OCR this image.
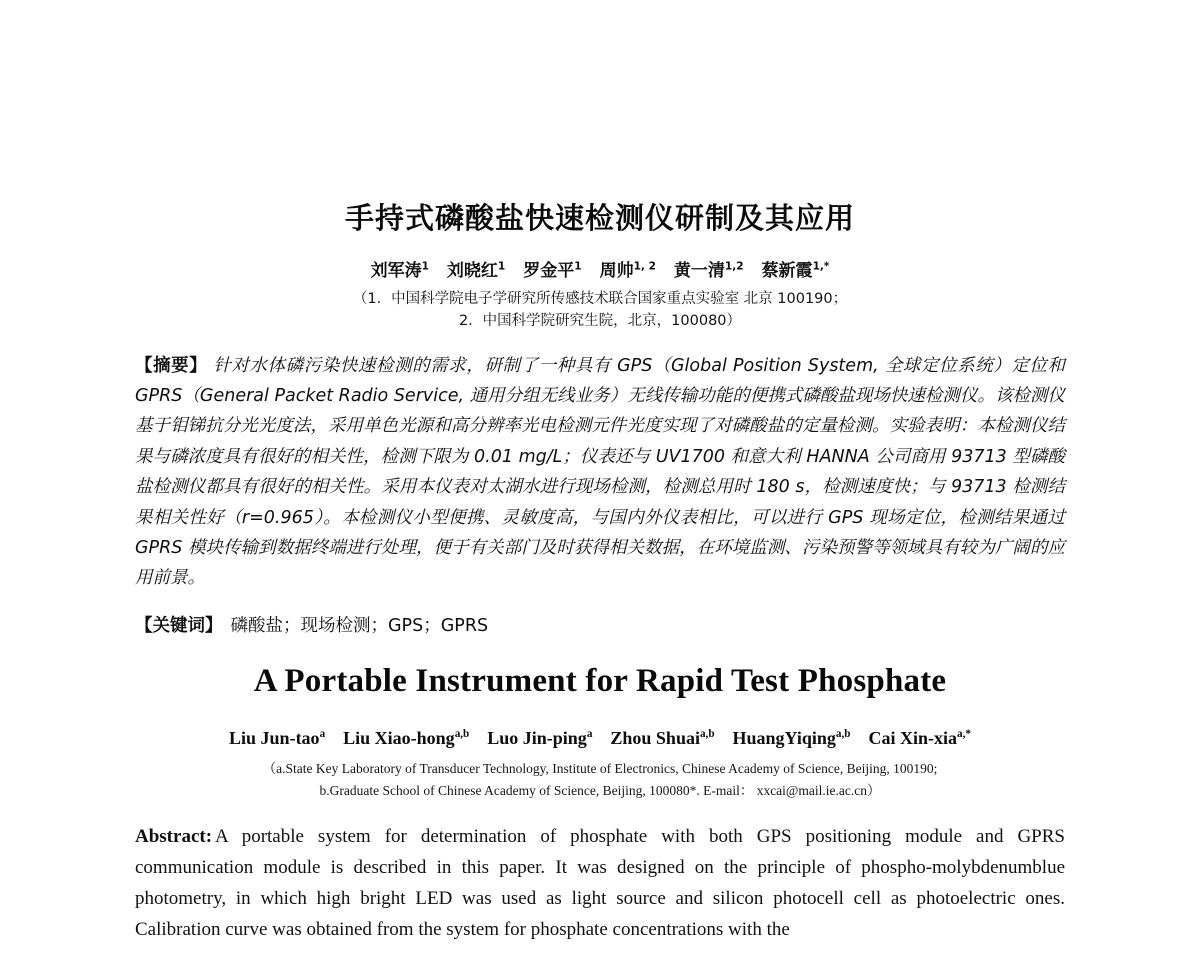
手持式磷酸盐快速检测仪研制及其应用
刘军涛$^1$ 刘晓红$^1$ 罗金平$^1$ 周帅$^{1, 2}$ 黄一清$^{1,2}$ 蔡新霞$^{1,*}$
（1．中国科学院电子学研究所传感技术联合国家重点实验室 北京 100190；
2．中国科学院研究生院，北京，100080）

【摘要】 针对水体磷污染快速检测的需求，研制了一种具有 GPS（Global Position System, 全球定位系统）定位和 GPRS（General Packet Radio Service, 通用分组无线业务）无线传输功能的便携式磷酸盐现场快速检测仪。该检测仪基于钼锑抗分光光度法，采用单色光源和高分辨率光电检测元件光度实现了对磷酸盐的定量检测。实验表明：本检测仪结果与磷浓度具有很好的相关性，检测下限为 0.01 mg/L；仪表还与 UV1700 和意大利 HANNA 公司商用 93713 型磷酸盐检测仪都具有很好的相关性。采用本仪表对太湖水进行现场检测，检测总用时 180 s，检测速度快；与 93713 检测结果相关性好（r=0.965）。本检测仪小型便携、灵敏度高，与国内外仪表相比，可以进行 GPS 现场定位，检测结果通过 GPRS 模块传输到数据终端进行处理，便于有关部门及时获得相关数据，在环境监测、污染预警等领域具有较为广阔的应用前景。

【关键词】 磷酸盐；现场检测；GPS；GPRS

A Portable Instrument for Rapid Test Phosphate
Liu Jun-tao$^a$ Liu Xiao-hong$^{a,b}$ Luo Jin-ping$^a$ Zhou Shuai$^{a,b}$ HuangYiqing$^{a,b}$ Cai Xin-xia$^{a,*}$
（a.State Key Laboratory of Transducer Technology, Institute of Electronics, Chinese Academy of Science, Beijing, 100190;
b.Graduate School of Chinese Academy of Science, Beijing, 100080*. E-mail： xxcai@mail.ie.ac.cn）

Abstract: A portable system for determination of phosphate with both GPS positioning module and GPRS communication module is described in this paper. It was designed on the principle of phospho-molybdenumblue photometry, in which high bright LED was used as light source and silicon photocell cell as photoelectric ones. Calibration curve was obtained from the system for phosphate concentrations with the
